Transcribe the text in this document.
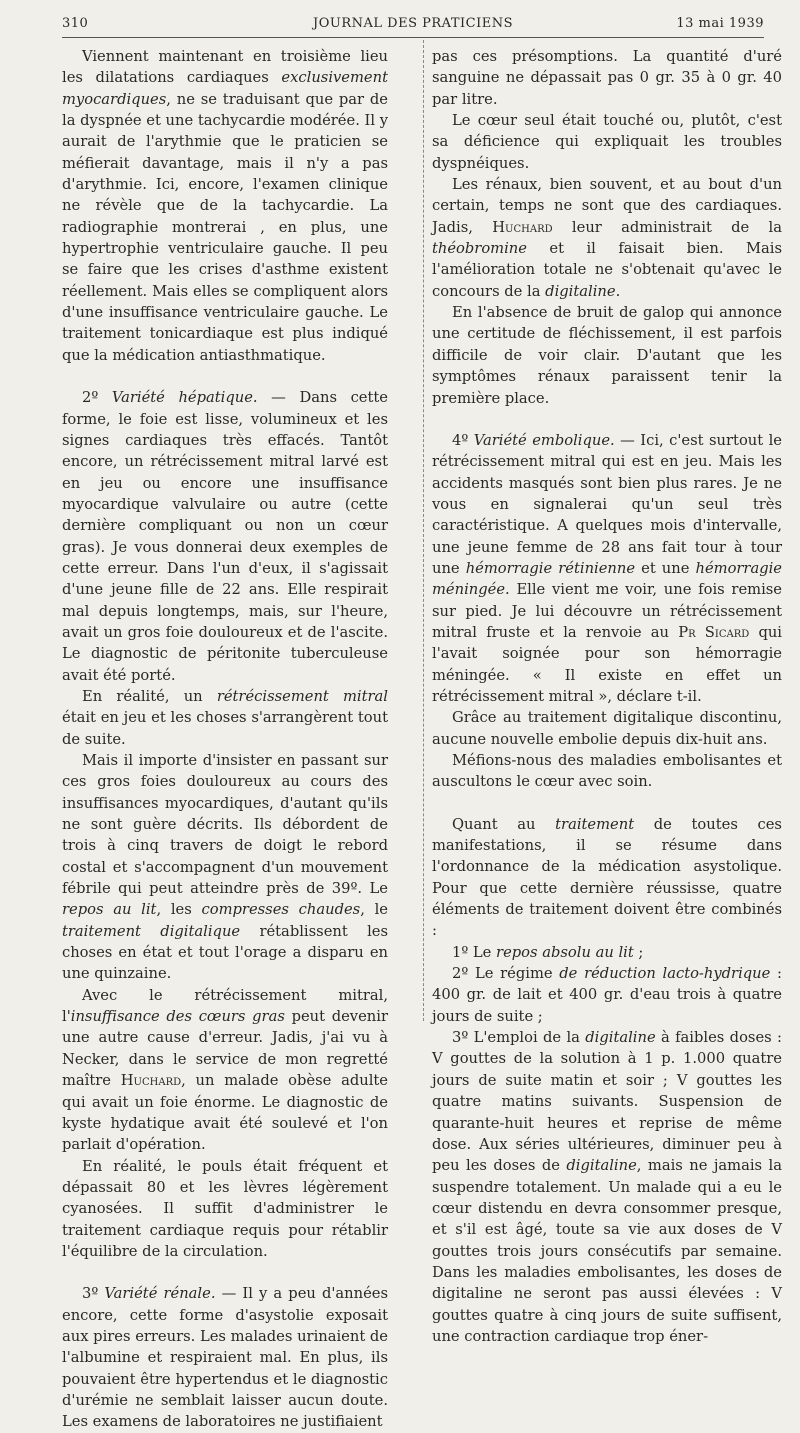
310	JOURNAL DES PRATICIENS	13 mai 1939

Viennent maintenant en troisième lieu les dilatations cardiaques exclusivement myocardiques, ne se traduisant que par de la dyspnée et une tachycardie modérée. Il y aurait de l'arythmie que le praticien se méfierait davantage, mais il n'y a pas d'arythmie. Ici, encore, l'examen clinique ne révèle que de la tachycardie. La radiographie montrerai , en plus, une hypertrophie ventriculaire gauche. Il peu se faire que les crises d'asthme existent réellement. Mais elles se compliquent alors d'une insuffisance ventriculaire gauche. Le traitement tonicardiaque est plus indiqué que la médication antiasthmatique.

2º Variété hépatique. — Dans cette forme, le foie est lisse, volumineux et les signes cardiaques très effacés. Tantôt encore, un rétrécissement mitral larvé est en jeu ou encore une insuffisance myocardique valvulaire ou autre (cette dernière compliquant ou non un cœur gras). Je vous donnerai deux exemples de cette erreur. Dans l'un d'eux, il s'agissait d'une jeune fille de 22 ans. Elle respirait mal depuis longtemps, mais, sur l'heure, avait un gros foie douloureux et de l'ascite. Le diagnostic de péritonite tuberculeuse avait été porté.

En réalité, un rétrécissement mitral était en jeu et les choses s'arrangèrent tout de suite.

Mais il importe d'insister en passant sur ces gros foies douloureux au cours des insuffisances myocardiques, d'autant qu'ils ne sont guère décrits. Ils débordent de trois à cinq travers de doigt le rebord costal et s'accompagnent d'un mouvement fébrile qui peut atteindre près de 39º. Le repos au lit, les compresses chaudes, le traitement digitalique rétablissent les choses en état et tout l'orage a disparu en une quinzaine.

Avec le rétrécissement mitral, l'insuffisance des cœurs gras peut devenir une autre cause d'erreur. Jadis, j'ai vu à Necker, dans le service de mon regretté maître Huchard, un malade obèse adulte qui avait un foie énorme. Le diagnostic de kyste hydatique avait été soulevé et l'on parlait d'opération.

En réalité, le pouls était fréquent et dépassait 80 et les lèvres légèrement cyanosées. Il suffit d'administrer le traitement cardiaque requis pour rétablir l'équilibre de la circulation.

3º Variété rénale. — Il y a peu d'années encore, cette forme d'asystolie exposait aux pires erreurs. Les malades urinaient de l'albumine et respiraient mal. En plus, ils pouvaient être hypertendus et le diagnostic d'urémie ne semblait laisser aucun doute. Les examens de laboratoires ne justifiaient

pas ces présomptions. La quantité d'uré sanguine ne dépassait pas 0 gr. 35 à 0 gr. 40 par litre.

Le cœur seul était touché ou, plutôt, c'est sa déficience qui expliquait les troubles dyspnéiques.

Les rénaux, bien souvent, et au bout d'un certain, temps ne sont que des cardiaques. Jadis, Huchard leur administrait de la théobromine et il faisait bien. Mais l'amélioration totale ne s'obtenait qu'avec le concours de la digitaline.

En l'absence de bruit de galop qui annonce une certitude de fléchissement, il est parfois difficile de voir clair. D'autant que les symptômes rénaux paraissent tenir la première place.

4º Variété embolique. — Ici, c'est surtout le rétrécissement mitral qui est en jeu. Mais les accidents masqués sont bien plus rares. Je ne vous en signalerai qu'un seul très caractéristique. A quelques mois d'intervalle, une jeune femme de 28 ans fait tour à tour une hémorragie rétinienne et une hémorragie méningée. Elle vient me voir, une fois remise sur pied. Je lui découvre un rétrécissement mitral fruste et la renvoie au Pr Sicard qui l'avait soignée pour son hémorragie méningée. « Il existe en effet un rétrécissement mitral », déclare t-il.

Grâce au traitement digitalique discontinu, aucune nouvelle embolie depuis dix-huit ans.

Méfions-nous des maladies embolisantes et auscultons le cœur avec soin.

Quant au traitement de toutes ces manifestations, il se résume dans l'ordonnance de la médication asystolique. Pour que cette dernière réussisse, quatre éléments de traitement doivent être combinés :

1º Le repos absolu au lit ;

2º Le régime de réduction lacto-hydrique : 400 gr. de lait et 400 gr. d'eau trois à quatre jours de suite ;

3º L'emploi de la digitaline à faibles doses : V gouttes de la solution à 1 p. 1.000 quatre jours de suite matin et soir ; V gouttes les quatre matins suivants. Suspension de quarante-huit heures et reprise de même dose. Aux séries ultérieures, diminuer peu à peu les doses de digitaline, mais ne jamais la suspendre totalement. Un malade qui a eu le cœur distendu en devra consommer presque, et s'il est âgé, toute sa vie aux doses de V gouttes trois jours consécutifs par semaine. Dans les maladies embolisantes, les doses de digitaline ne seront pas aussi élevées : V gouttes quatre à cinq jours de suite suffisent, une contraction cardiaque trop éner-
